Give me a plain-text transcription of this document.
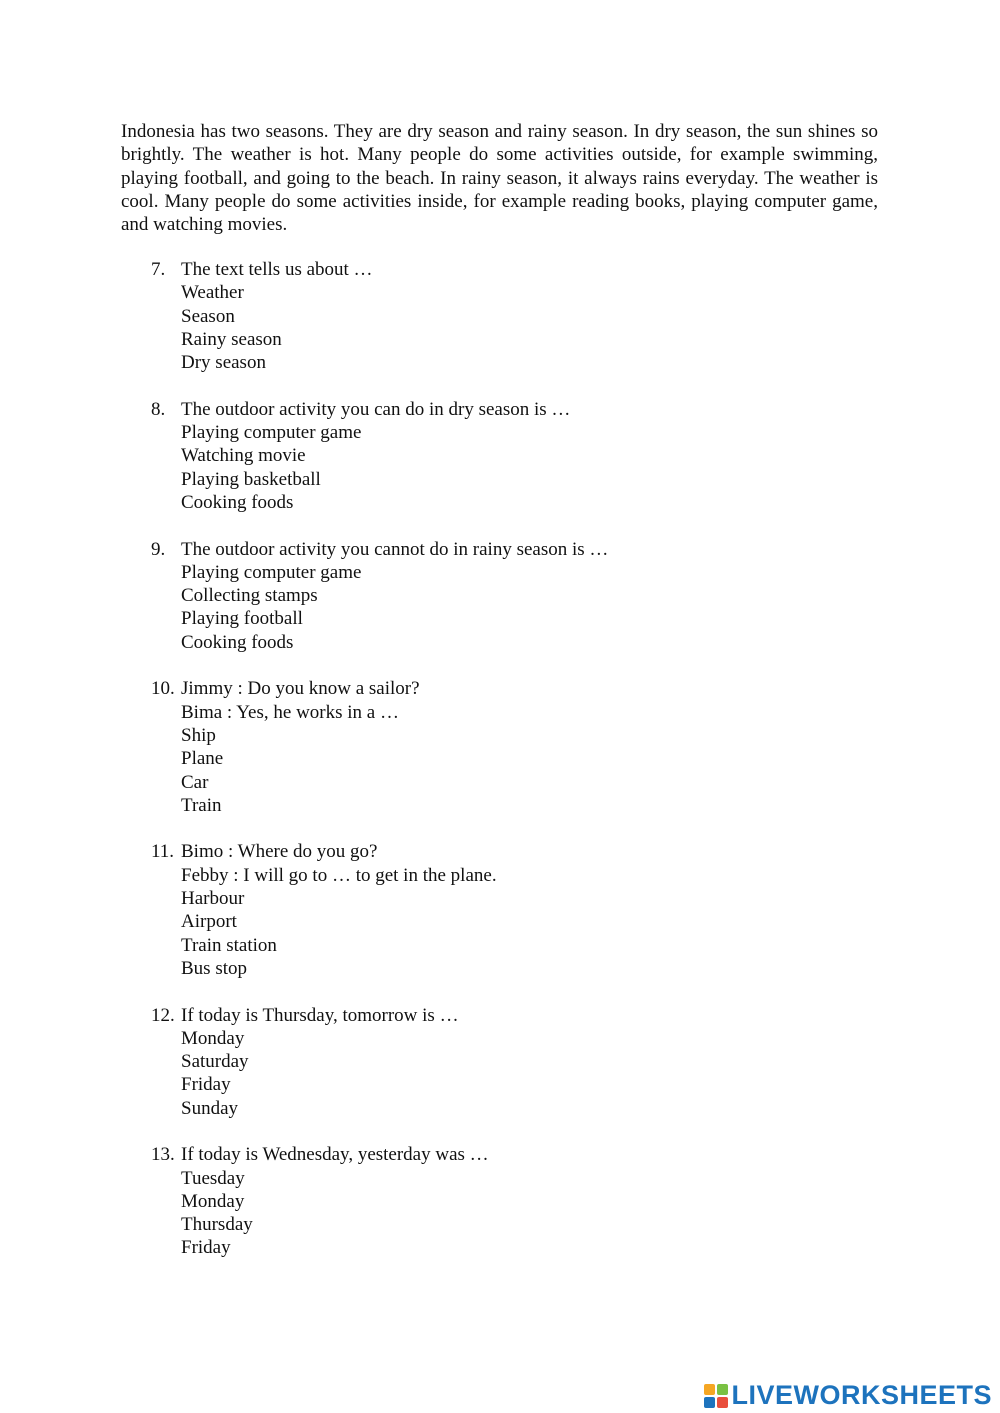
Indonesia has two seasons. They are dry season and rainy season. In dry season, the sun shines so brightly. The weather is hot. Many people do some activities outside, for example swimming, playing football, and going to the beach. In rainy season, it always rains everyday. The weather is cool. Many people do some activities inside, for example reading books, playing computer game, and watching movies.

7. The text tells us about …
Weather
Season
Rainy season
Dry season
8. The outdoor activity you can do in dry season is …
Playing computer game
Watching movie
Playing basketball
Cooking foods
9. The outdoor activity you cannot do in rainy season is …
Playing computer game
Collecting stamps
Playing football
Cooking foods
10. Jimmy : Do you know a sailor?
Bima : Yes, he works in a …
Ship
Plane
Car
Train
11. Bimo : Where do you go?
Febby : I will go to … to get in the plane.
Harbour
Airport
Train station
Bus stop
12. If today is Thursday, tomorrow is …
Monday
Saturday
Friday
Sunday
13. If today is Wednesday, yesterday was …
Tuesday
Monday
Thursday
Friday
LIVEWORKSHEETS
